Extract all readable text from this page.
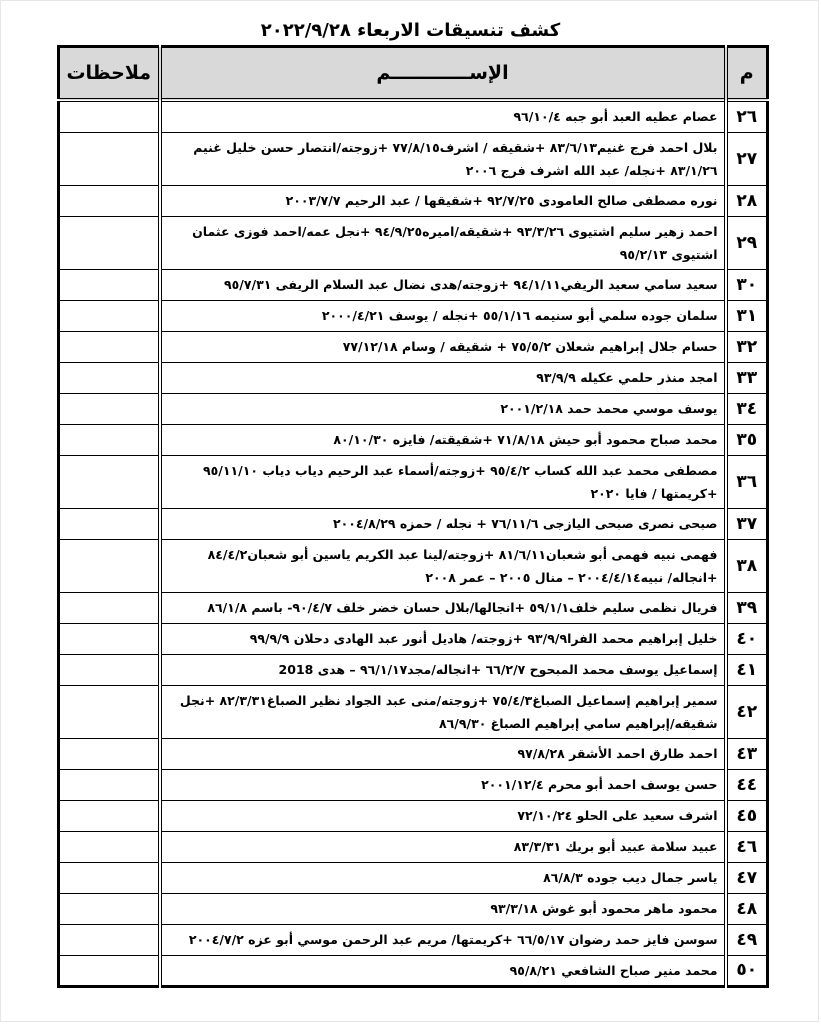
كشف تنسيقات الاربعاء ٢٠٢٢/٩/٢٨
م	الإســــــــــــم	ملاحظات
٢٦	عصام عطيه العبد أبو جبه ٩٦/١٠/٤	
٢٧	بلال احمد فرج غنيم٨٣/٦/١٣ +شقيقه / اشرف٧٧/٨/١٥ +زوجته/انتصار حسن خليل غنيم ٨٣/١/٢٦ +نجله/ عبد الله اشرف فرج ٢٠٠٦	
٢٨	نوره مصطفى صالح العامودى ٩٢/٧/٢٥ +شقيقها / عبد الرحيم ٢٠٠٣/٧/٧	
٢٩	احمد زهير سليم اشتيوى ٩٣/٣/٢٦ +شقيقه/اميره٩٤/٩/٢٥ +نجل عمه/احمد فوزى عثمان اشتيوى ٩٥/٢/١٣	
٣٠	سعيد سامي سعيد الريفي٩٤/١/١١ +زوجته/هدى نضال عبد السلام الريفى ٩٥/٧/٣١	
٣١	سلمان جوده سلمي أبو سنيمه ٥٥/١/١٦ +نجله / يوسف ٢٠٠٠/٤/٢١	
٣٢	حسام جلال إبراهيم شعلان ٧٥/٥/٢ + شقيقه / وسام ٧٧/١٢/١٨	
٣٣	امجد منذر حلمي عكيله ٩٣/٩/٩	
٣٤	يوسف موسي محمد حمد ٢٠٠١/٢/١٨	
٣٥	محمد صباح محمود أبو حيش ٧١/٨/١٨ +شقيقته/ فايزه ٨٠/١٠/٣٠	
٣٦	مصطفى محمد عبد الله كساب ٩٥/٤/٢ +زوجته/أسماء عبد الرحيم دياب دياب ٩٥/١١/١٠ +كريمتها / فايا ٢٠٢٠	
٣٧	صبحى نصرى صبحى اليازجى ٧٦/١١/٦ + نجله / حمزه ٢٠٠٤/٨/٢٩	
٣٨	فهمى نبيه فهمى أبو شعبان٨١/٦/١١ +زوجته/لينا عبد الكريم ياسين أبو شعبان٨٤/٤/٢ +انجاله/ نبيه٢٠٠٤/٤/١٤ – منال ٢٠٠٥ – عمر ٢٠٠٨	
٣٩	فريال نظمى سليم خلف٥٩/١/١ +انجالها/بلال حسان خضر خلف ٩٠/٤/٧- باسم ٨٦/١/٨	
٤٠	خليل إبراهيم محمد الفرا٩٣/٩/٩ +زوجته/ هاديل أنور عبد الهادى دحلان ٩٩/٩/٩	
٤١	إسماعيل يوسف محمد المبحوح ٦٦/٢/٧ +انجاله/مجد٩٦/١/١٧ – هدى 2018	
٤٢	سمير إبراهيم إسماعيل الصباغ٧٥/٤/٣ +زوجته/منى عبد الجواد نظير الصباغ٨٢/٣/٣١ +نجل شقيقه/إبراهيم سامي إبراهيم الصباغ ٨٦/٩/٣٠	
٤٣	احمد طارق احمد الأشقر ٩٧/٨/٢٨	
٤٤	حسن يوسف احمد أبو محرم ٢٠٠١/١٢/٤	
٤٥	اشرف سعيد على الحلو ٧٢/١٠/٢٤	
٤٦	عبيد سلامة عبيد أبو بريك ٨٣/٣/٣١	
٤٧	ياسر جمال ديب جوده ٨٦/٨/٣	
٤٨	محمود ماهر محمود أبو غوش ٩٣/٣/١٨	
٤٩	سوسن فايز حمد رضوان ٦٦/٥/١٧ +كريمتها/ مريم عبد الرحمن موسي أبو عزه ٢٠٠٤/٧/٢	
٥٠	محمد منير صباح الشافعي ٩٥/٨/٢١	
